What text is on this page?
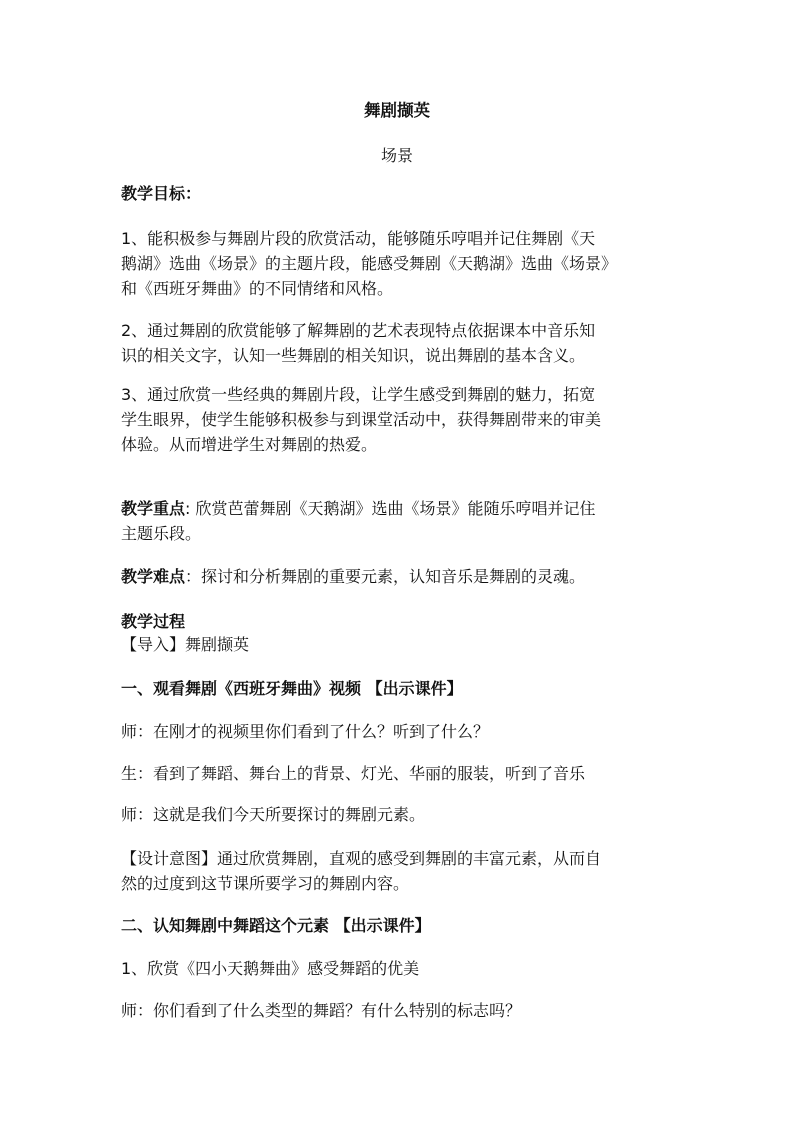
舞剧撷英
场景
教学目标：
1、能积极参与舞剧片段的欣赏活动，能够随乐哼唱并记住舞剧《天
鹅湖》选曲《场景》的主题片段，能感受舞剧《天鹅湖》选曲《场景》
和《西班牙舞曲》的不同情绪和风格。
2、通过舞剧的欣赏能够了解舞剧的艺术表现特点依据课本中音乐知
识的相关文字，认知一些舞剧的相关知识，说出舞剧的基本含义。
3、通过欣赏一些经典的舞剧片段，让学生感受到舞剧的魅力，拓宽
学生眼界，使学生能够积极参与到课堂活动中，获得舞剧带来的审美
体验。从而增进学生对舞剧的热爱。
教学重点: 欣赏芭蕾舞剧《天鹅湖》选曲《场景》能随乐哼唱并记住
主题乐段。
教学难点：探讨和分析舞剧的重要元素，认知音乐是舞剧的灵魂。
教学过程
【导入】舞剧撷英
一、观看舞剧《西班牙舞曲》视频 【出示课件】
师：在刚才的视频里你们看到了什么？听到了什么？
生：看到了舞蹈、舞台上的背景、灯光、华丽的服装，听到了音乐
师：这就是我们今天所要探讨的舞剧元素。
【设计意图】通过欣赏舞剧，直观的感受到舞剧的丰富元素，从而自
然的过度到这节课所要学习的舞剧内容。
二、认知舞剧中舞蹈这个元素 【出示课件】
1、欣赏《四小天鹅舞曲》感受舞蹈的优美
师：你们看到了什么类型的舞蹈？有什么特别的标志吗？
